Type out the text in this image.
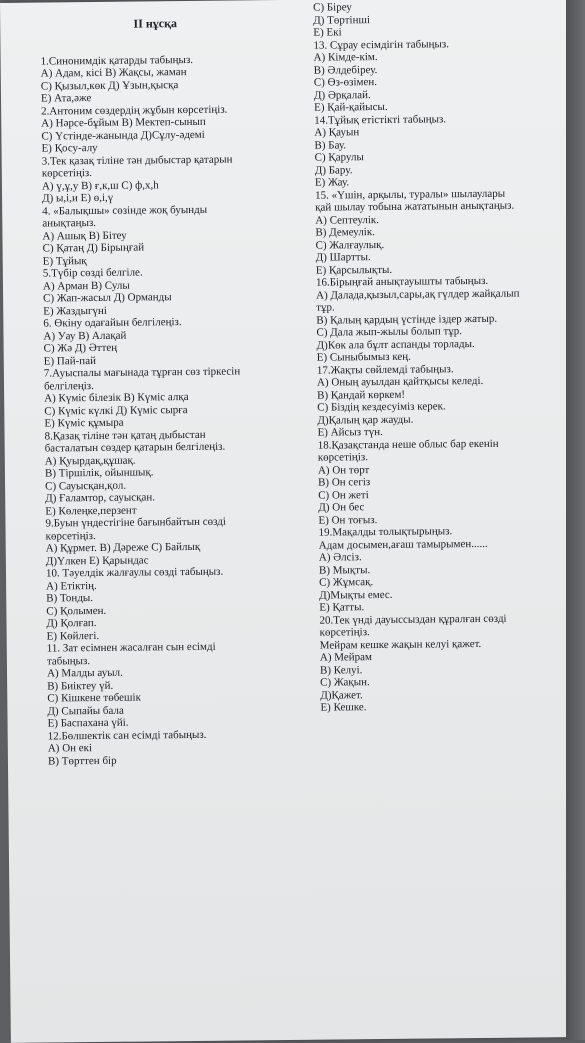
II нұсқа
1.Синонимдік қатарды табыңыз.
А) Адам, кісі В) Жақсы, жаман
С) Қызыл,көк Д) Ұзын,қысқа
Е) Ата,әже
2.Антоним сөздердің жұбын көрсетіңіз.
А) Нәрсе-бұйым В) Мектеп-сынып
С) Үстінде-жанында Д)Сұлу-әдемі
Е) Қосу-алу
3.Тек қазақ тіліне тән дыбыстар қатарын
көрсетіңіз.
А) ү,ұ,у В) ғ,к,ш С) ф,х,һ
Д) ы,і,и Е) ө,і,ү
4. «Балықшы» сөзінде жоқ буынды
анықтаңыз.
А) Ашық В) Бітеу
С) Қатаң Д) Бірыңғай
Е) Тұйық
5.Түбір сөзді белгіле.
А) Арман В) Сулы
С) Жап-жасыл Д) Орманды
Е) Жаздыгүні
6. Өкіну одағайын белгілеңіз.
А) Уау В) Алақай
С) Жә Д) Әттең
Е) Пай-пай
7.Ауыспалы мағынада тұрған сөз тіркесін
белгілеңіз.
А) Күміс білезік В) Күміс алқа
С) Күміс күлкі Д) Күміс сырға
Е) Күміс құмыра
8.Қазақ тіліне тән қатаң дыбыстан
басталатын сөздер қатарын белгілеңіз.
А) Қуырдақ,құшақ.
В) Тіршілік, ойыншық.
С) Сауысқан,қол.
Д) Ғаламтор, сауысқан.
Е) Көлеңке,перзент
9.Буын үндестігіне бағынбайтын сөзді
көрсетіңіз.
А) Құрмет. В) Дәреже С) Байлық
Д)Үлкен Е) Қарындас
10. Тәуелдік жалғаулы сөзді табыңыз.
А) Етіктің.
В) Тонды.
С) Қолымен.
Д) Қолғап.
Е) Көйлегі.
11. Зат есімнен жасалған сын есімді
табыңыз.
А) Малды ауыл.
В) Биіктеу үй.
С) Кішкене төбешік
Д) Сыпайы бала
Е) Баспахана үйі.
12.Бөлшектік сан есімді табыңыз.
А) Он екі
В) Төрттен бір
С) Біреу
Д) Төртінші
Е) Екі
13. Сұрау есімдігін табыңыз.
А) Кімде-кім.
В) Әлдебіреу.
С) Өз-өзімен.
Д) Әрқалай.
Е) Қай-қайысы.
14.Тұйық етістікті табыңыз.
А) Қауын
В) Бау.
С) Қарулы
Д) Бару.
Е) Жау.
15. «Үшін, арқылы, туралы» шылаулары
қай шылау тобына жататынын анықтаңыз.
А) Септеулік.
В) Демеулік.
С) Жалғаулық.
Д) Шартты.
Е) Қарсылықты.
16.Бірыңғай анықтауышты табыңыз.
А) Далада,қызыл,сары,ақ гүлдер жайқалып
тұр.
В) Қалың қардың үстінде іздер жатыр.
С) Дала жып-жылы болып тұр.
Д)Көк ала бұлт аспанды торлады.
Е) Сыныбымыз кең.
17.Жақты сөйлемді табыңыз.
А) Оның ауылдан қайтқысы келеді.
В) Қандай көркем!
С) Біздің кездесуіміз керек.
Д)Қалың қар жауды.
Е) Айсыз түн.
18.Қазақстанда неше облыс бар екенін
көрсетіңіз.
А) Он төрт
В) Он сегіз
С) Он жеті
Д) Он бес
Е) Он тоғыз.
19.Мақалды толықтырыңыз.
Адам досымен,ағаш тамырымен......
А) Әлсіз.
В) Мықты.
С) Жұмсақ.
Д)Мықты емес.
Е) Қатты.
20.Тек үнді дауыссыздан құралған сөзді
көрсетіңіз.
Мейрам кешке жақын келуі қажет.
А) Мейрам
В) Келуі.
С) Жақын.
Д)Қажет.
Е) Кешке.
